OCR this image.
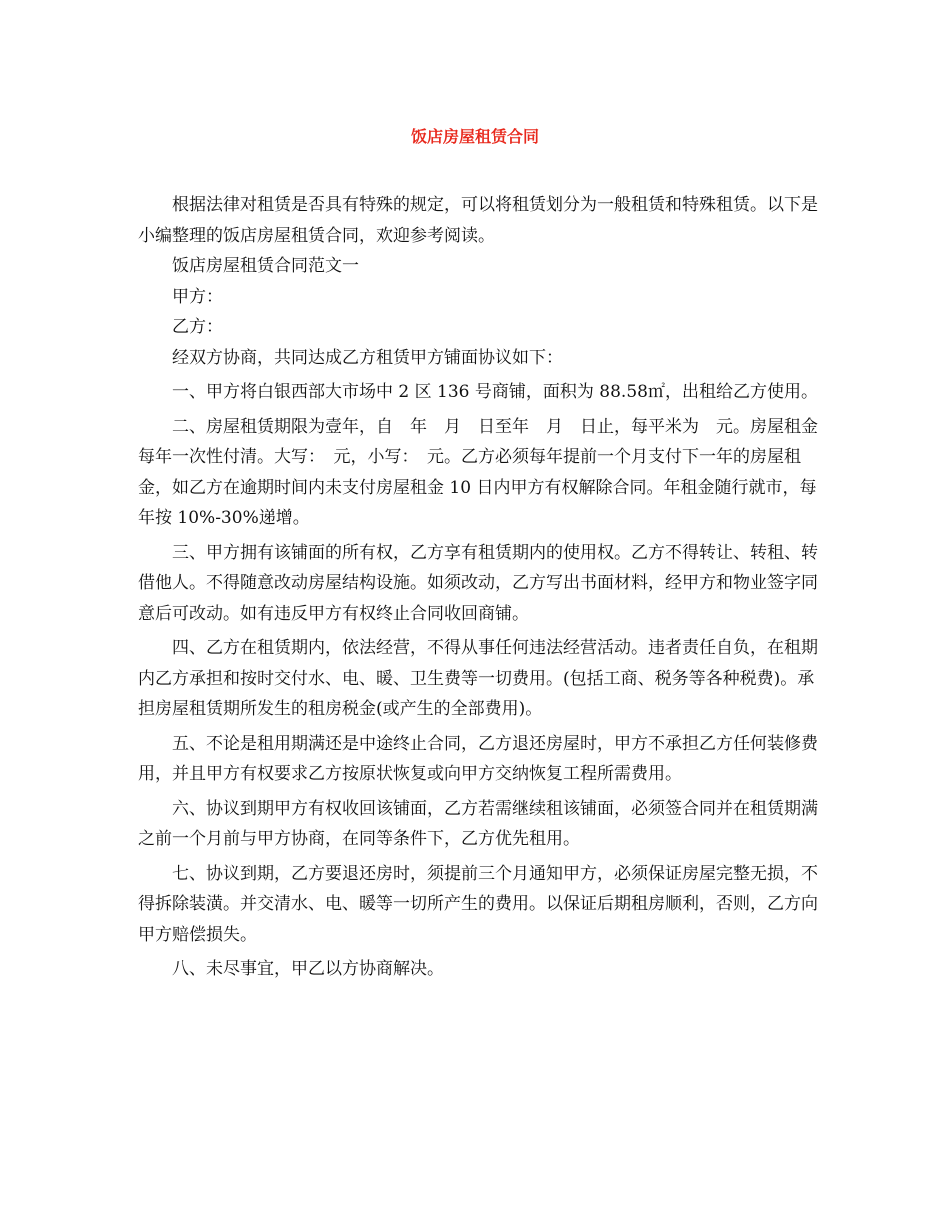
饭店房屋租赁合同

根据法律对租赁是否具有特殊的规定，可以将租赁划分为一般租赁和特殊租赁。以下是小编整理的饭店房屋租赁合同，欢迎参考阅读。

饭店房屋租赁合同范文一

甲方：

乙方：

经双方协商，共同达成乙方租赁甲方铺面协议如下：

一、甲方将白银西部大市场中 2 区 136 号商铺，面积为 88.58㎡，出租给乙方使用。

二、房屋租赁期限为壹年，自　年　月　日至年　月　日止，每平米为　元。房屋租金每年一次性付清。大写：　元，小写：　元。乙方必须每年提前一个月支付下一年的房屋租金，如乙方在逾期时间内未支付房屋租金 10 日内甲方有权解除合同。年租金随行就市，每年按 10%-30%递增。

三、甲方拥有该铺面的所有权，乙方享有租赁期内的使用权。乙方不得转让、转租、转借他人。不得随意改动房屋结构设施。如须改动，乙方写出书面材料，经甲方和物业签字同意后可改动。如有违反甲方有权终止合同收回商铺。

四、乙方在租赁期内，依法经营，不得从事任何违法经营活动。违者责任自负，在租期内乙方承担和按时交付水、电、暖、卫生费等一切费用。(包括工商、税务等各种税费)。承担房屋租赁期所发生的租房税金(或产生的全部费用)。

五、不论是租用期满还是中途终止合同，乙方退还房屋时，甲方不承担乙方任何装修费用，并且甲方有权要求乙方按原状恢复或向甲方交纳恢复工程所需费用。

六、协议到期甲方有权收回该铺面，乙方若需继续租该铺面，必须签合同并在租赁期满之前一个月前与甲方协商，在同等条件下，乙方优先租用。

七、协议到期，乙方要退还房时，须提前三个月通知甲方，必须保证房屋完整无损，不得拆除装潢。并交清水、电、暖等一切所产生的费用。以保证后期租房顺利，否则，乙方向甲方赔偿损失。

八、未尽事宜，甲乙以方协商解决。
